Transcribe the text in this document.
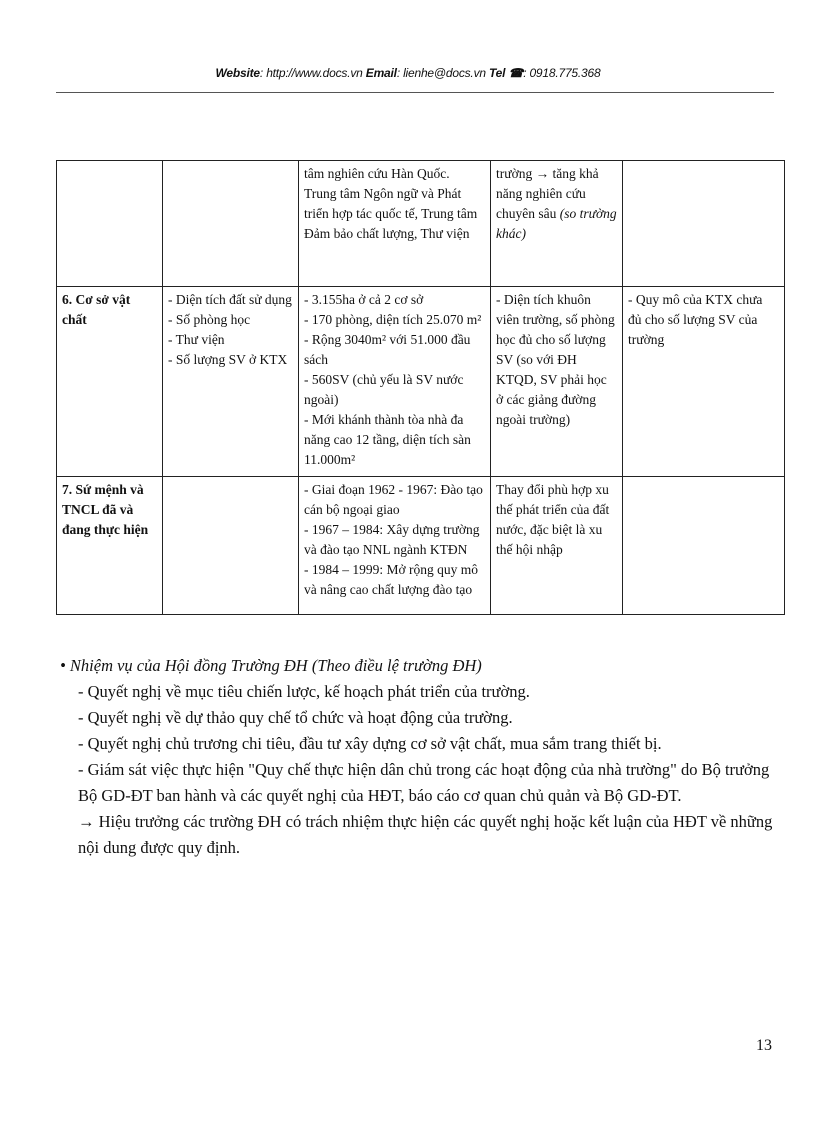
Website: http://www.docs.vn Email: lienhe@docs.vn Tel ☎: 0918.775.368
		tâm nghiên cứu Hàn Quốc. Trung tâm Ngôn ngữ và Phát triển hợp tác quốc tế, Trung tâm Đảm bảo chất lượng, Thư viện	trường → tăng khả năng nghiên cứu chuyên sâu (so trường khác)	
6. Cơ sở vật chất	- Diện tích đất sử dụng
- Số phòng học
- Thư viện
- Số lượng SV ở KTX	- 3.155ha ở cả 2 cơ sở
- 170 phòng, diện tích 25.070 m²
- Rộng 3040m² với 51.000 đầu sách
- 560SV (chủ yếu là SV nước ngoài)
- Mới khánh thành tòa nhà đa năng cao 12 tầng, diện tích sàn 11.000m²	- Diện tích khuôn viên trường, số phòng học đủ cho số lượng SV (so với ĐH KTQD, SV phải học ở các giảng đường ngoài trường)	- Quy mô của KTX chưa đủ cho số lượng SV của trường
7. Sứ mệnh và TNCL đã và đang thực hiện		- Giai đoạn 1962 - 1967: Đào tạo cán bộ ngoại giao
- 1967 – 1984: Xây dựng trường và đào tạo NNL ngành KTĐN
- 1984 – 1999: Mở rộng quy mô và nâng cao chất lượng đào tạo	Thay đổi phù hợp xu thế phát triển của đất nước, đặc biệt là xu thế hội nhập	
• Nhiệm vụ của Hội đồng Trường ĐH (Theo điều lệ trường ĐH)
- Quyết nghị về mục tiêu chiến lược, kế hoạch phát triển của trường.
- Quyết nghị về dự thảo quy chế tổ chức và hoạt động của trường.
- Quyết nghị chủ trương chi tiêu, đầu tư xây dựng cơ sở vật chất, mua sắm trang thiết bị.
- Giám sát việc thực hiện "Quy chế thực hiện dân chủ trong các hoạt động của nhà trường" do Bộ trưởng Bộ GD-ĐT ban hành và các quyết nghị của HĐT, báo cáo cơ quan chủ quản và Bộ GD-ĐT.
→ Hiệu trưởng các trường ĐH có trách nhiệm thực hiện các quyết nghị hoặc kết luận của HĐT về những nội dung được quy định.
13
